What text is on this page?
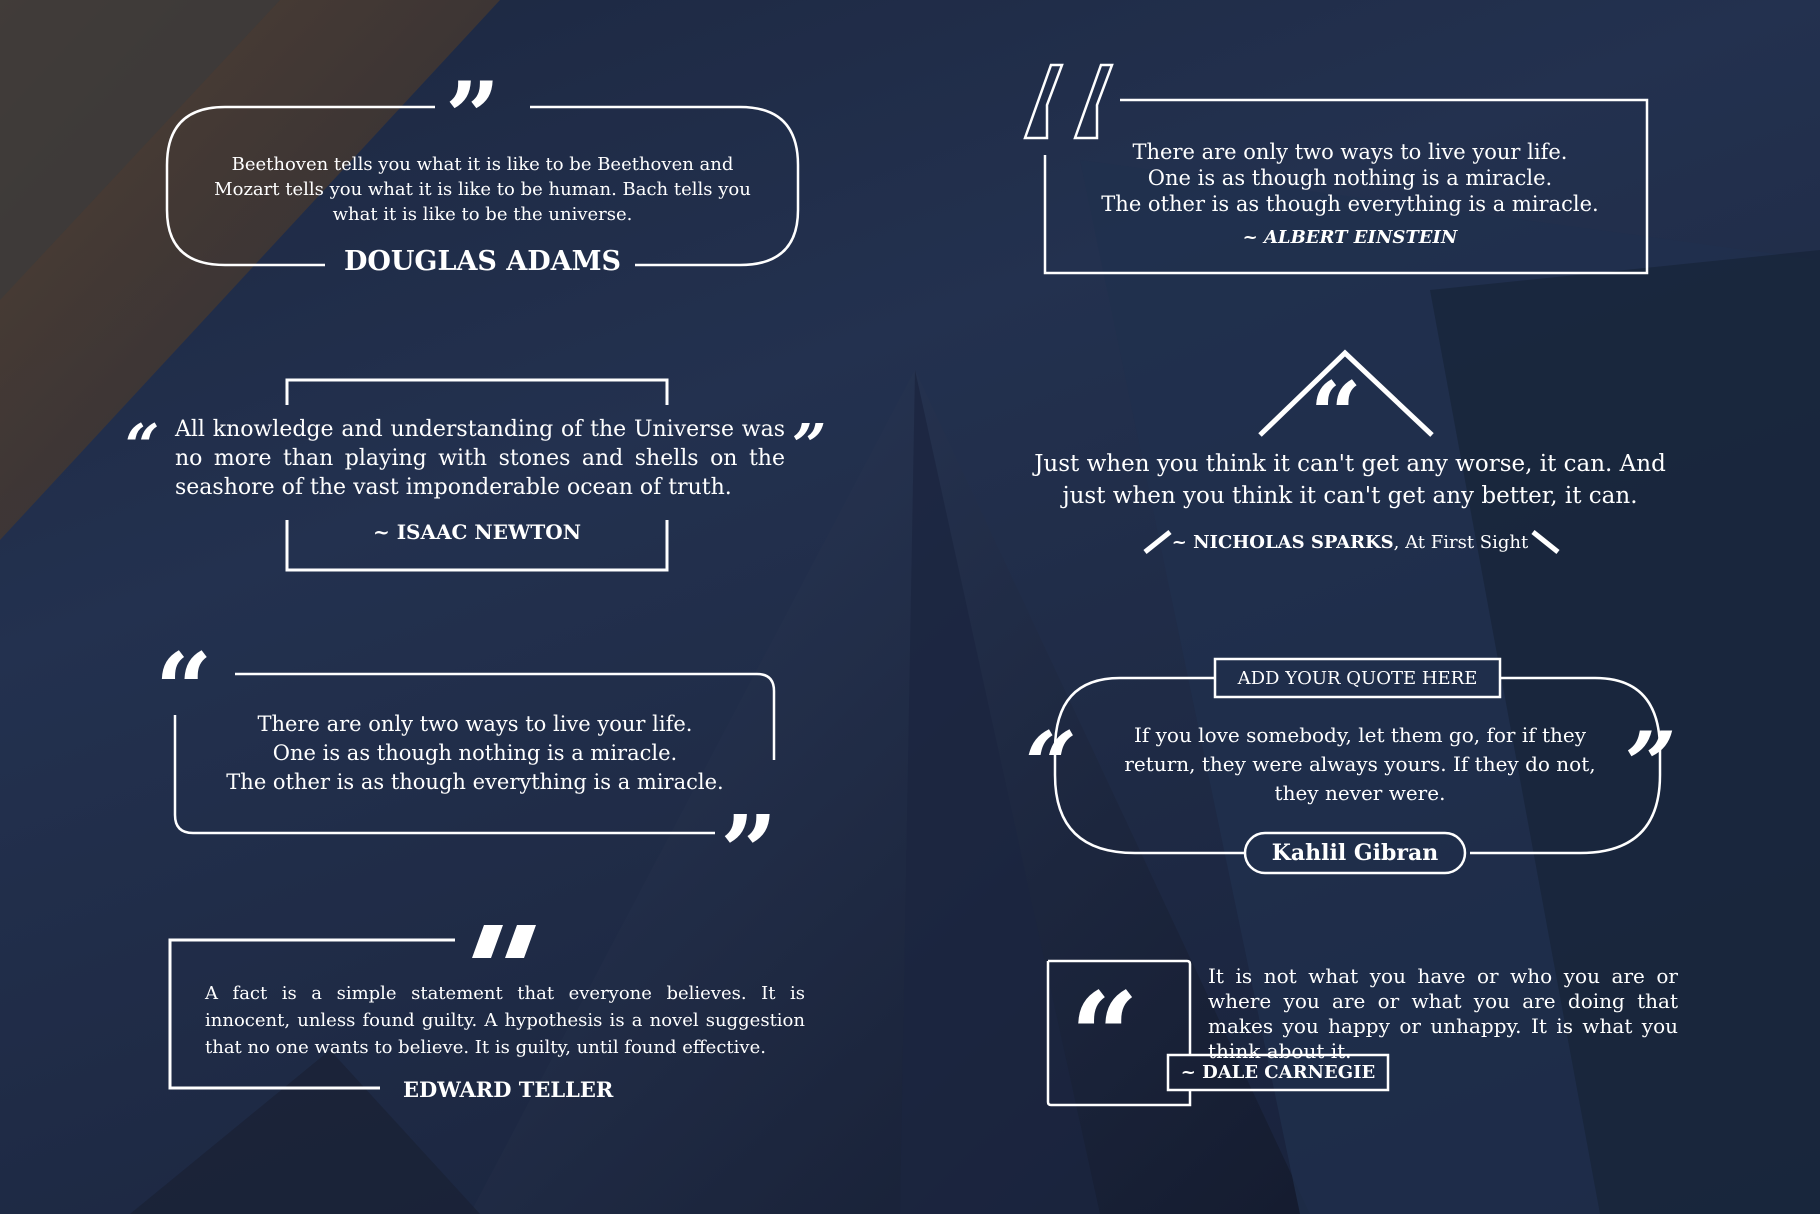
”

Beethoven tells you what it is like to be Beethoven and Mozart tells you what it is like to be human. Bach tells you what it is like to be the universe.

DOUGLAS ADAMS

There are only two ways to live your life.

One is as though nothing is a miracle.

The other is as though everything is a miracle.

~ ALBERT EINSTEIN
“	”

All knowledge and understanding of the Universe was no more than playing with stones and shells on the seashore of the vast imponderable ocean of truth.

~ ISAAC NEWTON
“

Just when you think it can't get any worse, it can. And just when you think it can't get any better, it can.

~ NICHOLAS SPARKS, At First Sight
“
”

There are only two ways to live your life.

One is as though nothing is a miracle.

The other is as though everything is a miracle.

ADD YOUR QUOTE HERE
“	”

If you love somebody, let them go, for if they return, they were always yours. If they do not, they never were.

Kahlil Gibran

A fact is a simple statement that everyone believes. It is innocent, unless found guilty. A hypothesis is a novel suggestion that no one wants to believe. It is guilty, until found effective.

EDWARD TELLER	“	It is not what you have or who you are or where you are or what you are doing that makes you happy or unhappy. It is what you think about it.

~ DALE CARNEGIE
